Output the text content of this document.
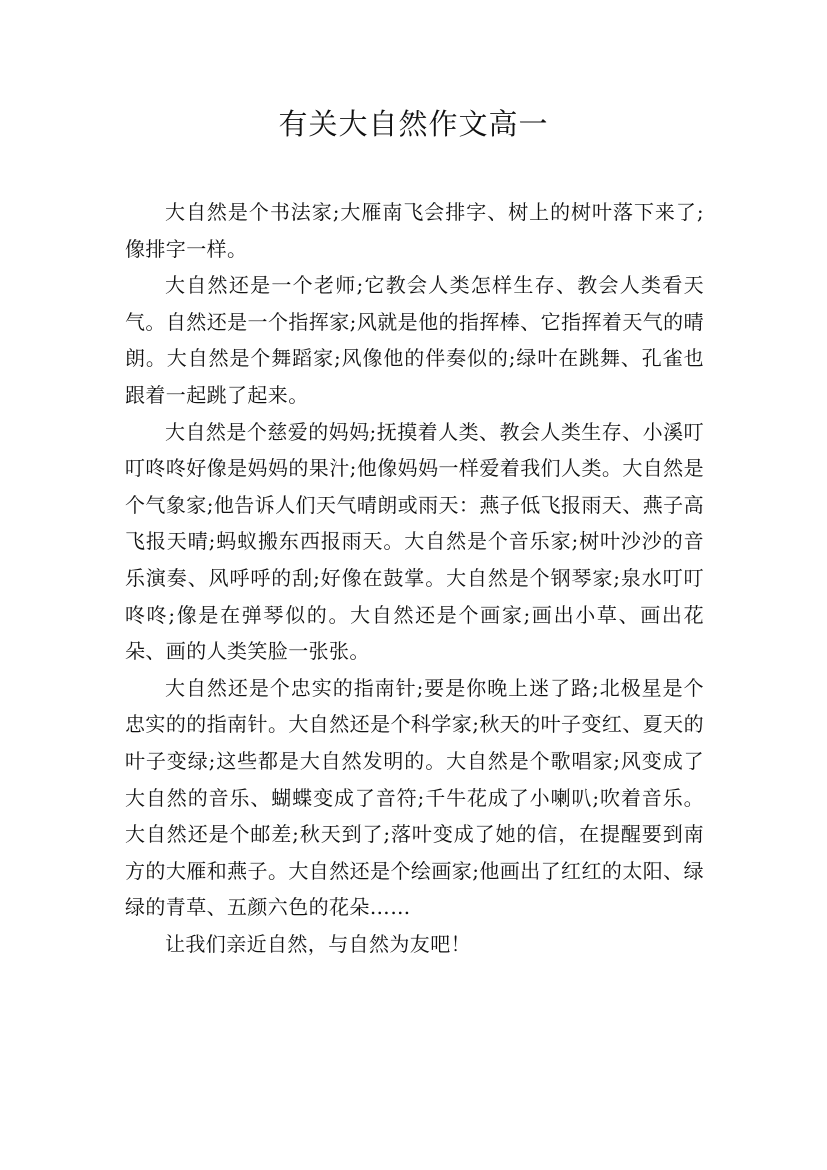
有关大自然作文高一

大自然是个书法家;大雁南飞会排字、树上的树叶落下来了;像排字一样。

大自然还是一个老师;它教会人类怎样生存、教会人类看天气。自然还是一个指挥家;风就是他的指挥棒、它指挥着天气的晴朗。大自然是个舞蹈家;风像他的伴奏似的;绿叶在跳舞、孔雀也跟着一起跳了起来。

大自然是个慈爱的妈妈;抚摸着人类、教会人类生存、小溪叮叮咚咚好像是妈妈的果汁;他像妈妈一样爱着我们人类。大自然是个气象家;他告诉人们天气晴朗或雨天：燕子低飞报雨天、燕子高飞报天晴;蚂蚁搬东西报雨天。大自然是个音乐家;树叶沙沙的音乐演奏、风呼呼的刮;好像在鼓掌。大自然是个钢琴家;泉水叮叮咚咚;像是在弹琴似的。大自然还是个画家;画出小草、画出花朵、画的人类笑脸一张张。

大自然还是个忠实的指南针;要是你晚上迷了路;北极星是个忠实的的指南针。大自然还是个科学家;秋天的叶子变红、夏天的叶子变绿;这些都是大自然发明的。大自然是个歌唱家;风变成了大自然的音乐、蝴蝶变成了音符;千牛花成了小喇叭;吹着音乐。大自然还是个邮差;秋天到了;落叶变成了她的信，在提醒要到南方的大雁和燕子。大自然还是个绘画家;他画出了红红的太阳、绿绿的青草、五颜六色的花朵……

让我们亲近自然，与自然为友吧！
